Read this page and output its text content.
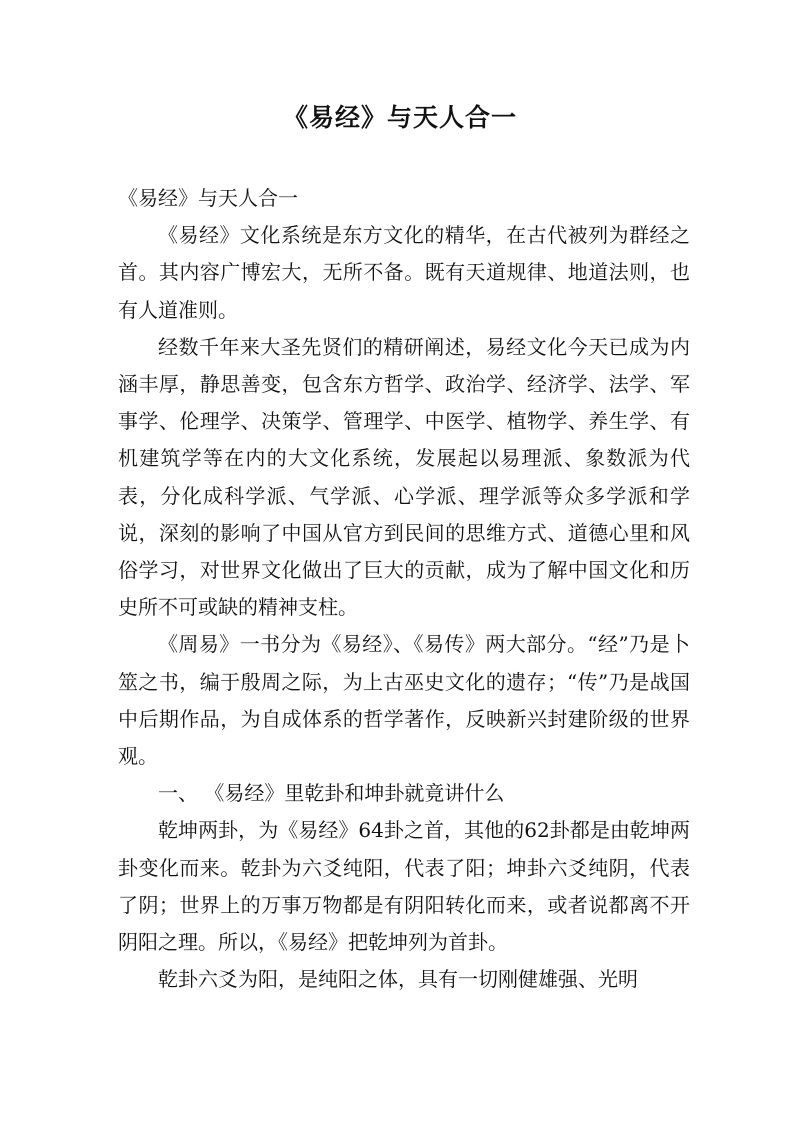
《易经》与天人合一

《易经》与天人合一

《易经》文化系统是东方文化的精华，在古代被列为群经之首。其内容广博宏大，无所不备。既有天道规律、地道法则，也有人道准则。

经数千年来大圣先贤们的精研阐述，易经文化今天已成为内涵丰厚，静思善变，包含东方哲学、政治学、经济学、法学、军事学、伦理学、决策学、管理学、中医学、植物学、养生学、有机建筑学等在内的大文化系统，发展起以易理派、象数派为代表，分化成科学派、气学派、心学派、理学派等众多学派和学说，深刻的影响了中国从官方到民间的思维方式、道德心里和风俗学习，对世界文化做出了巨大的贡献，成为了解中国文化和历史所不可或缺的精神支柱。

《周易》一书分为《易经》、《易传》两大部分。“经”乃是卜筮之书，编于殷周之际，为上古巫史文化的遗存；“传”乃是战国中后期作品，为自成体系的哲学著作，反映新兴封建阶级的世界观。

一、 《易经》里乾卦和坤卦就竟讲什么

乾坤两卦，为《易经》64卦之首，其他的62卦都是由乾坤两卦变化而来。乾卦为六爻纯阳，代表了阳；坤卦六爻纯阴，代表了阴；世界上的万事万物都是有阴阳转化而来，或者说都离不开阴阳之理。所以，《易经》把乾坤列为首卦。

乾卦六爻为阳，是纯阳之体，具有一切刚健雄强、光明
